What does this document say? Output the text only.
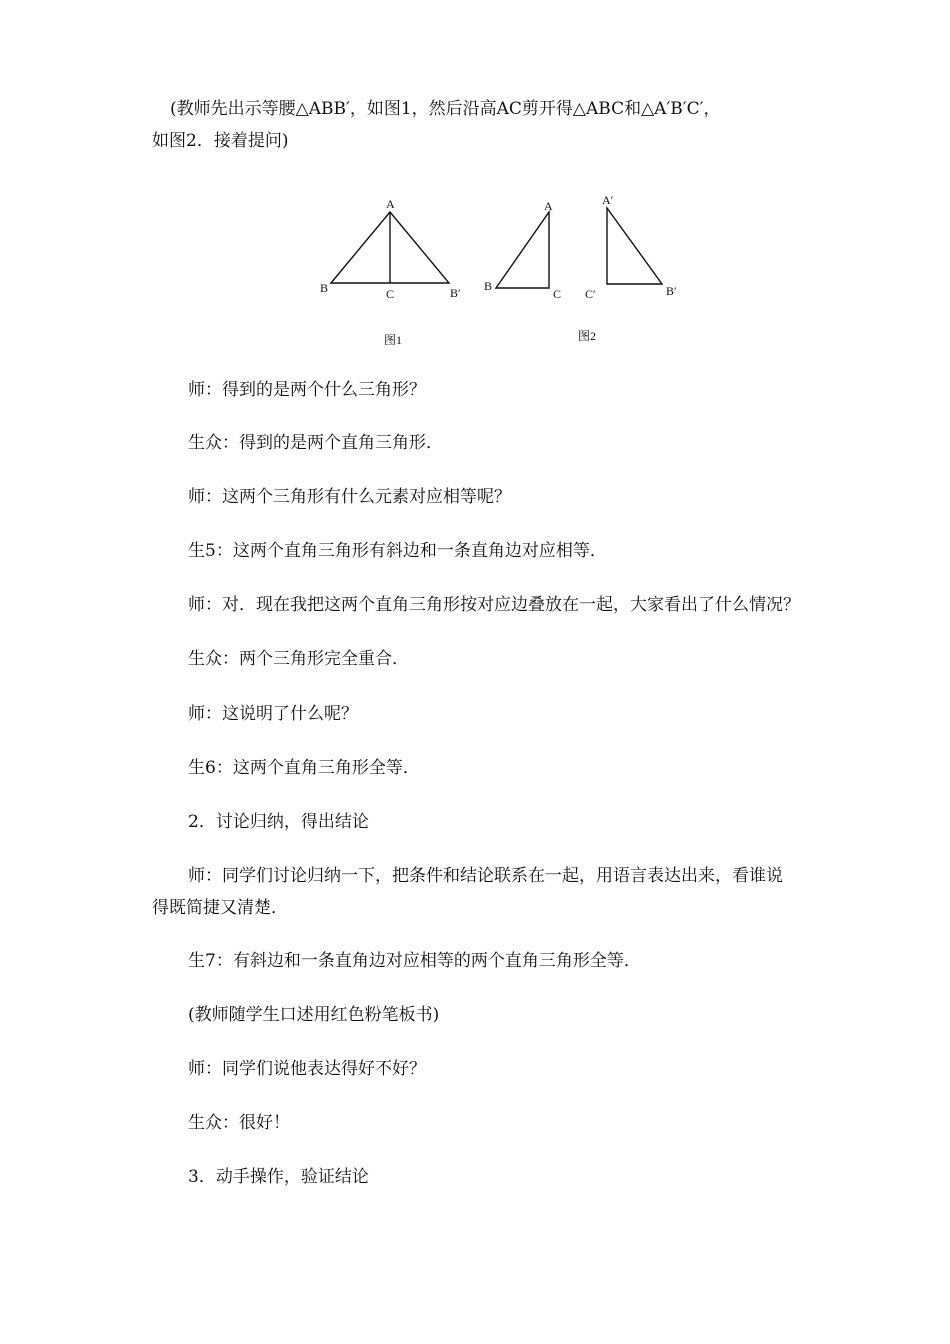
(教师先出示等腰△ABB′，如图1，然后沿高AC剪开得△ABC和△A′B′C′，
如图2．接着提问)
A
B	C	B′
图1
A
B
C
A′
C′	B′
图2
师：得到的是两个什么三角形？
生众：得到的是两个直角三角形．
师：这两个三角形有什么元素对应相等呢？
生5：这两个直角三角形有斜边和一条直角边对应相等．
师：对．现在我把这两个直角三角形按对应边叠放在一起，大家看出了什么情况？
生众：两个三角形完全重合．
师：这说明了什么呢？
生6：这两个直角三角形全等．
2．讨论归纳，得出结论
师：同学们讨论归纳一下，把条件和结论联系在一起，用语言表达出来，看谁说
得既简捷又清楚．
生7：有斜边和一条直角边对应相等的两个直角三角形全等．
(教师随学生口述用红色粉笔板书)
师：同学们说他表达得好不好？
生众：很好！
3．动手操作，验证结论
